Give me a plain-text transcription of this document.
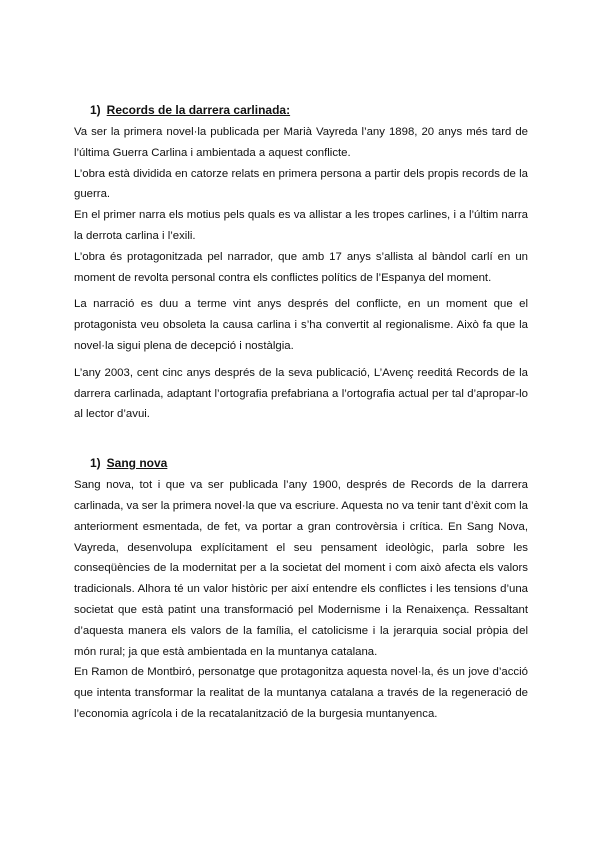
1) Records de la darrera carlinada:

Va ser la primera novel·la publicada per Marià Vayreda l’any 1898, 20 anys més tard de l’última Guerra Carlina i ambientada a aquest conflicte.

L’obra està dividida en catorze relats en primera persona a partir dels propis records de la guerra.

En el primer narra els motius pels quals es va allistar a les tropes carlines, i a l’últim narra la derrota carlina i l’exili.

L’obra és protagonitzada pel narrador, que amb 17 anys s’allista al bàndol carlí en un moment de revolta personal contra els conflictes polítics de l’Espanya del moment.

La narració es duu a terme vint anys després del conflicte, en un moment que el protagonista veu obsoleta la causa carlina i s’ha convertit al regionalisme. Això fa que la novel·la sigui plena de decepció i nostàlgia.

L’any 2003, cent cinc anys després de la seva publicació, L’Avenç reeditá Records de la darrera carlinada, adaptant l’ortografia prefabriana a l’ortografia actual per tal d’apropar-lo al lector d’avui.

1) Sang nova

Sang nova, tot i que va ser publicada l’any 1900, després de Records de la darrera carlinada, va ser la primera novel·la que va escriure. Aquesta no va tenir tant d’èxit com la anteriorment esmentada, de fet, va portar a gran controvèrsia i crítica. En Sang Nova, Vayreda, desenvolupa explícitament el seu pensament ideològic, parla sobre les conseqüències de la modernitat per a la societat del moment i com això afecta els valors tradicionals. Alhora té un valor històric per així entendre els conflictes i les tensions d’una societat que està patint una transformació pel Modernisme i la Renaixença. Ressaltant d’aquesta manera els valors de la família, el catolicisme i la jerarquia social pròpia del món rural; ja que està ambientada en la muntanya catalana.

En Ramon de Montbiró, personatge que protagonitza aquesta novel·la, és un jove d’acció que intenta transformar la realitat de la muntanya catalana a través de la regeneració de l’economia agrícola i de la recatalanització de la burgesia muntanyenca.
